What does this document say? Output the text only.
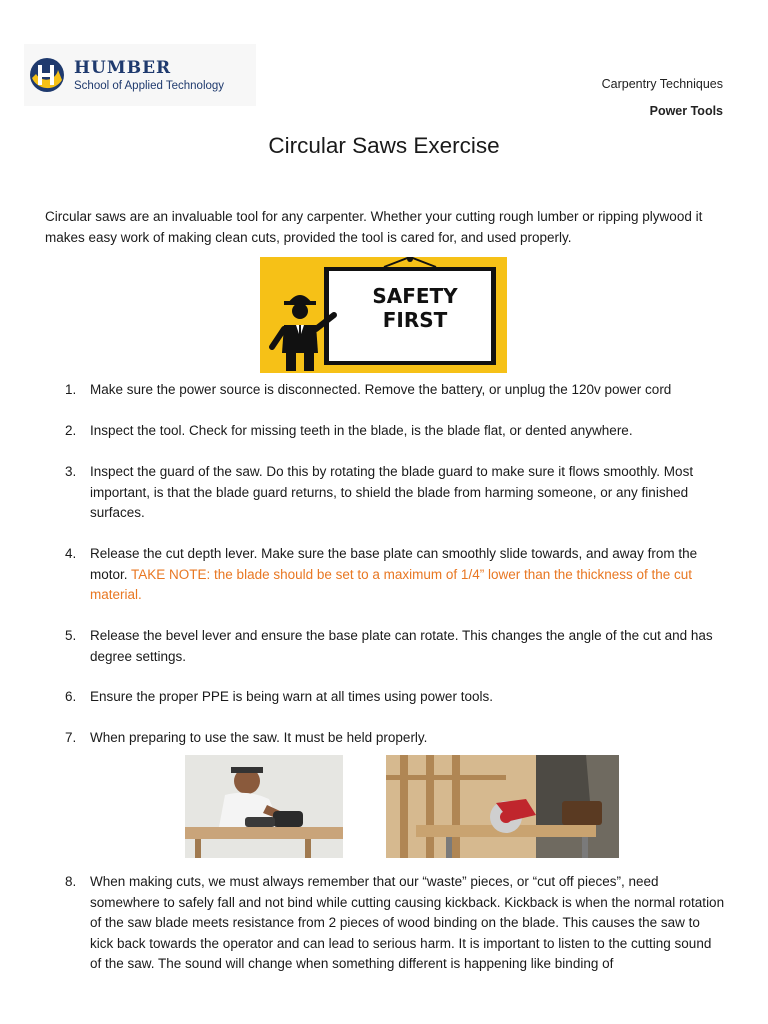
HUMBER
School of Applied Technology	Carpentry Techniques
Power Tools
Circular Saws Exercise
Circular saws are an invaluable tool for any carpenter. Whether your cutting rough lumber or ripping plywood it makes easy work of making clean cuts, provided the tool is cared for, and used properly.
SAFETY
FIRST
1. Make sure the power source is disconnected. Remove the battery, or unplug the 120v power cord
2. Inspect the tool. Check for missing teeth in the blade, is the blade flat, or dented anywhere.
3. Inspect the guard of the saw. Do this by rotating the blade guard to make sure it flows smoothly. Most important, is that the blade guard returns, to shield the blade from harming someone, or any finished surfaces.
4. Release the cut depth lever. Make sure the base plate can smoothly slide towards, and away from the motor. TAKE NOTE: the blade should be set to a maximum of 1/4” lower than the thickness of the cut material.
5. Release the bevel lever and ensure the base plate can rotate. This changes the angle of the cut and has degree settings.
6. Ensure the proper PPE is being warn at all times using power tools.
7. When preparing to use the saw. It must be held properly.
8. When making cuts, we must always remember that our “waste” pieces, or “cut off pieces”, need somewhere to safely fall and not bind while cutting causing kickback. Kickback is when the normal rotation of the saw blade meets resistance from 2 pieces of wood binding on the blade. This causes the saw to kick back towards the operator and can lead to serious harm. It is important to listen to the cutting sound of the saw. The sound will change when something different is happening like binding of
